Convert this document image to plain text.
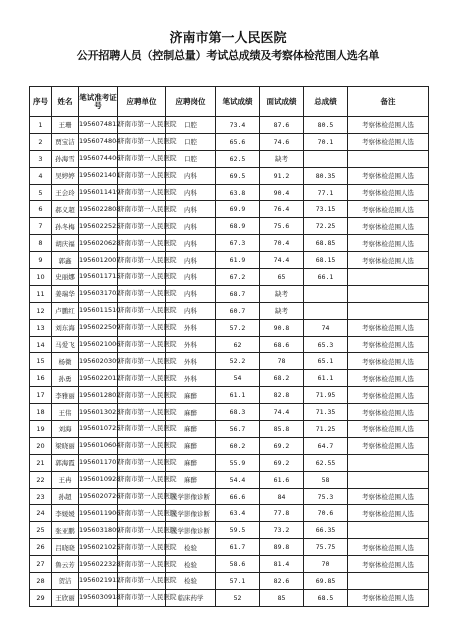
济南市第一人民医院
公开招聘人员（控制总量）考试总成绩及考察体检范围人选名单
序号	姓名	笔试准考证号	应聘单位	应聘岗位	笔试成绩	面试成绩	总成绩	备注
1	王珊	1956074812	济南市第一人民医院	口腔	73.4	87.6	80.5	考察体检范围人选
2	贾宝洁	1956074804	济南市第一人民医院	口腔	65.6	74.6	70.1	考察体检范围人选
3	孙海雪	1956074406	济南市第一人民医院	口腔	62.5	缺考		
4	吴婷婷	1956021401	济南市第一人民医院	内科	69.5	91.2	80.35	考察体检范围人选
5	王会玲	1956011419	济南市第一人民医院	内科	63.8	90.4	77.1	考察体检范围人选
6	郝义超	1956022808	济南市第一人民医院	内科	69.9	76.4	73.15	考察体检范围人选
7	孙冬梅	1956022525	济南市第一人民医院	内科	68.9	75.6	72.25	考察体检范围人选
8	胡庆福	1956020628	济南市第一人民医院	内科	67.3	70.4	68.85	考察体检范围人选
9	郭鑫	1956012007	济南市第一人民医院	内科	61.9	74.4	68.15	考察体检范围人选
10	史丽娜	1956011715	济南市第一人民医院	内科	67.2	65	66.1	
11	姜瑞华	1956031702	济南市第一人民医院	内科	68.7	缺考		
12	卢鹏红	1956011510	济南市第一人民医院	内科	60.7	缺考		
13	刘东海	1956022509	济南市第一人民医院	外科	57.2	90.8	74	考察体检范围人选
14	马爱飞	1956021006	济南市第一人民医院	外科	62	68.6	65.3	考察体检范围人选
15	杨微	1956020309	济南市第一人民医院	外科	52.2	78	65.1	考察体检范围人选
16	孙勇	1956022012	济南市第一人民医院	外科	54	68.2	61.1	考察体检范围人选
17	李雅丽	1956012802	济南市第一人民医院	麻醉	61.1	82.8	71.95	考察体检范围人选
18	王伟	1956013023	济南市第一人民医院	麻醉	68.3	74.4	71.35	考察体检范围人选
19	刘海	1956010725	济南市第一人民医院	麻醉	56.7	85.8	71.25	考察体检范围人选
20	梁晓丽	1956010604	济南市第一人民医院	麻醉	60.2	69.2	64.7	考察体检范围人选
21	郭海霞	1956011707	济南市第一人民医院	麻醉	55.9	69.2	62.55	
22	王冉	1956010928	济南市第一人民医院	麻醉	54.4	61.6	58	
23	孙超	1956020726	济南市第一人民医院	医学影像诊断	66.6	84	75.3	考察体检范围人选
24	李媛媛	1956011906	济南市第一人民医院	医学影像诊断	63.4	77.8	70.6	考察体检范围人选
25	张亚鹏	1956031809	济南市第一人民医院	医学影像诊断	59.5	73.2	66.35	
26	吕晓晓	1956021025	济南市第一人民医院	检验	61.7	89.8	75.75	考察体检范围人选
27	鲁云芳	1956022328	济南市第一人民医院	检验	58.6	81.4	70	考察体检范围人选
28	贺洁	1956021912	济南市第一人民医院	检验	57.1	82.6	69.85	
29	王欣丽	1956030918	济南市第一人民医院	临床药学	52	85	68.5	考察体检范围人选
